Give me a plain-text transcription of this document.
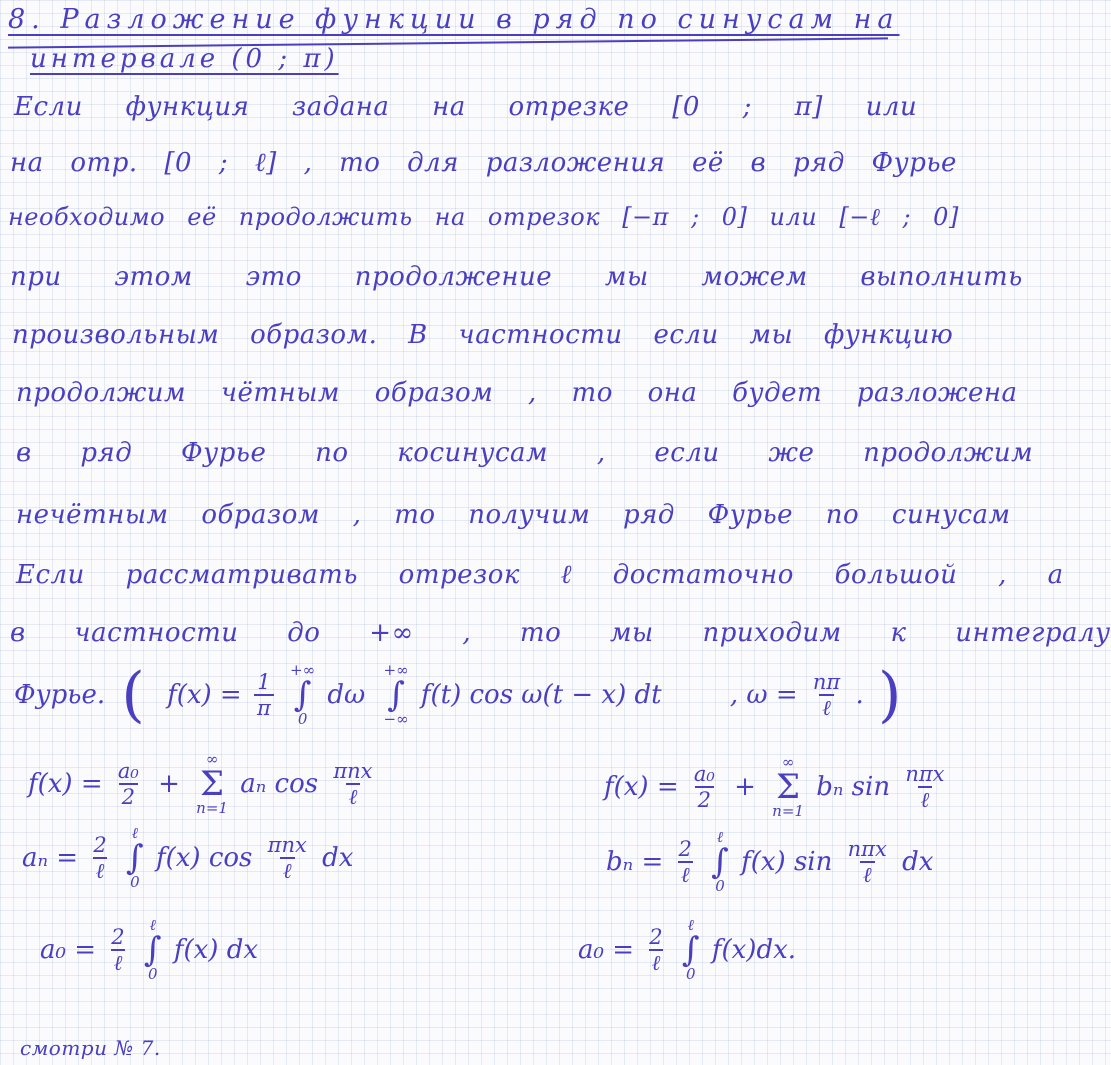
8. Разложение функции в ряд по синусам на
интервале (0 ; π)
Если функция задана на отрезке [0 ; π] или
на отр. [0 ; ℓ] , то для разложения её в ряд Фурье
необходимо её продолжить на отрезок [−π ; 0] или [−ℓ ; 0]
при этом это продолжение мы можем выполнить
произвольным образом. В частности если мы функцию
продолжим чётным образом , то она будет разложена
в ряд Фурье по косинусам , если же продолжим
нечётным образом , то получим ряд Фурье по синусам
Если рассматривать отрезок ℓ достаточно большой , а
в частности до +∞ , то мы приходим к интегралу
Фурье. ( $f(x) = \frac{1}{\pi}$
+∞
∫
0
dω
+∞
∫
−∞
f(t) cos ω(t − x) dt	, $\omega = \frac{n\pi}{\text{ℓ}}$ . )
$f(x) = \frac{\text{a₀}}{2}$ +
∞
Σ
n=1
aₙ $\cos \frac{\text{πnx}}{\text{ℓ}}$
$a_n = \frac{2}{\text{ℓ}}$
ℓ
∫
0
f(x) $\cos \frac{\text{πnx}}{\text{ℓ}}$ dx
$a_0 = \frac{2}{\text{ℓ}}$
ℓ
∫
0
f(x) dx
$f(x) = \frac{\text{a₀}}{2}$ +
∞
Σ
n=1
bₙ $\sin \frac{\text{nπx}}{\text{ℓ}}$
$b_n = \frac{2}{\text{ℓ}}$
ℓ
∫
0
f(x) $\sin \frac{\text{nπx}}{\text{ℓ}}$ dx
$a_0 = \frac{2}{\text{ℓ}}$
ℓ
∫
0
f(x)dx.
смотри № 7.
